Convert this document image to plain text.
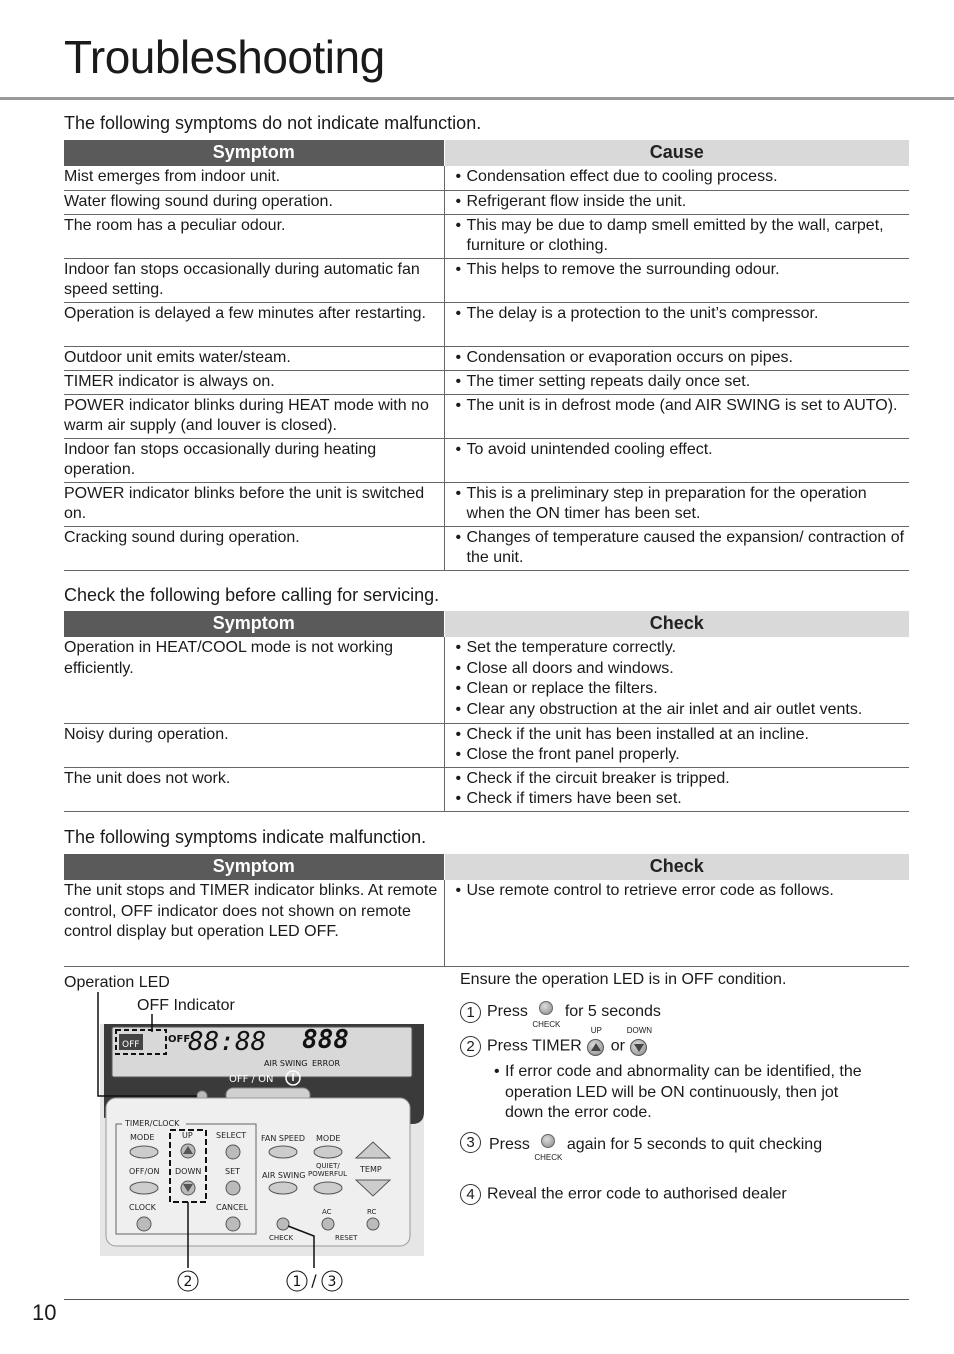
Troubleshooting
The following symptoms do not indicate malfunction.
Symptom	Cause
Mist emerges from indoor unit.	• Condensation effect due to cooling process.

Water flowing sound during operation.	• Refrigerant flow inside the unit.

The room has a peculiar odour.	• This may be due to damp smell emitted by the wall, carpet, furniture or clothing.

Indoor fan stops occasionally during automatic fan speed setting.	• This helps to remove the surrounding odour.

Operation is delayed a few minutes after restarting.	• The delay is a protection to the unit’s compressor.

Outdoor unit emits water/steam.	• Condensation or evaporation occurs on pipes.

TIMER indicator is always on.	• The timer setting repeats daily once set.

POWER indicator blinks during HEAT mode with no warm air supply (and louver is closed).	• The unit is in defrost mode (and AIR SWING is set to AUTO).

Indoor fan stops occasionally during heating operation.	• To avoid unintended cooling effect.

POWER indicator blinks before the unit is switched on.	• This is a preliminary step in preparation for the operation when the ON timer has been set.

Cracking sound during operation.	• Changes of temperature caused the expansion/ contraction of the unit.
Check the following before calling for servicing.
Symptom	Check
Operation in HEAT/COOL mode is not working efficiently.	• Set the temperature correctly.
• Close all doors and windows.
• Clean or replace the filters.
• Clear any obstruction at the air inlet and air outlet vents.

Noisy during operation.	• Check if the unit has been installed at an incline.
• Close the front panel properly.

The unit does not work.	• Check if the circuit breaker is tripped.
• Check if timers have been set.
The following symptoms indicate malfunction.
Symptom	Check
The unit stops and TIMER indicator blinks. At remote control, OFF indicator does not shown on remote control display but operation LED OFF.	• Use remote control to retrieve error code as follows.
Operation LED
OFF Indicator
OFF	OFF
88:88 888
AIR SWING ERROR
OFF / ON
TIMER/CLOCK
MODE	UP	SELECT
OFF/ON DOWN	SET
CLOCK	CANCEL
FAN SPEED MODE
AIR SWING
QUIET/
POWERFUL TEMP
AC	RC
CHECK	RESET
2	1 / 3
Ensure the operation LED is in OFF condition.
1 Press
CHECK
for 5 seconds
2 Press TIMER
UP
or
DOWN
• If error code and abnormality can be identified, the operation LED will be ON continuously, then jot down the error code.
3 Press
CHECK
again for 5 seconds to quit checking
4 Reveal the error code to authorised dealer
10
